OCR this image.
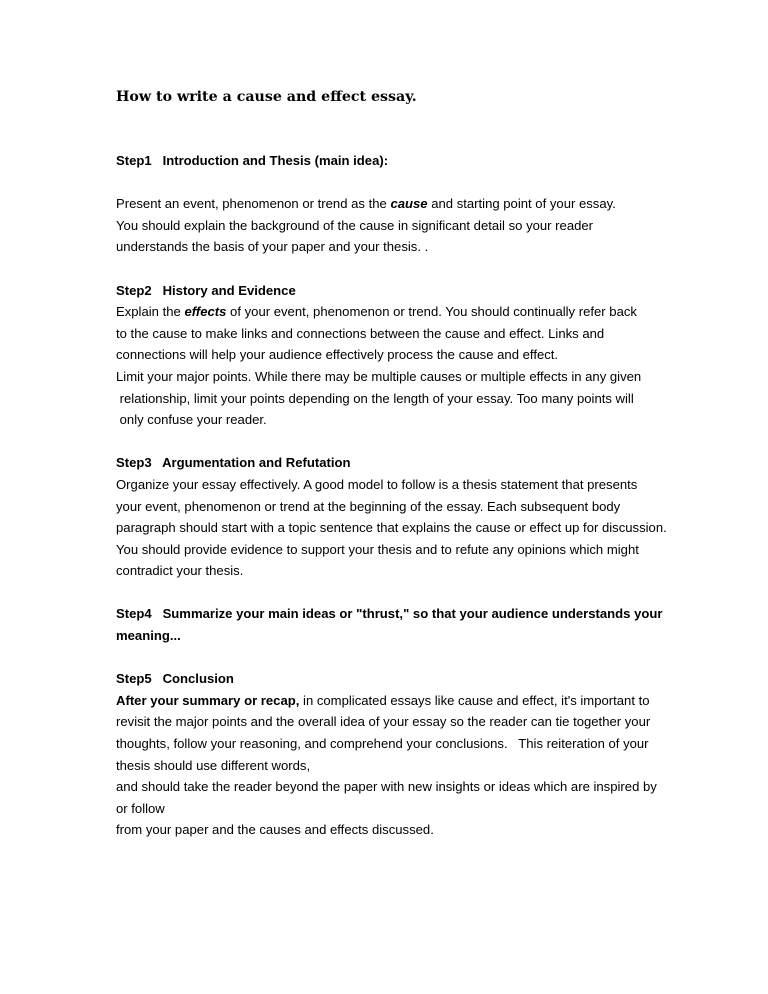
How to write a cause and effect essay.

Step1   Introduction and Thesis (main idea):

Present an event, phenomenon or trend as the cause and starting point of your essay.

You should explain the background of the cause in significant detail so your reader

understands the basis of your paper and your thesis. .

Step2   History and Evidence

Explain the effects of your event, phenomenon or trend. You should continually refer back

to the cause to make links and connections between the cause and effect. Links and

connections will help your audience effectively process the cause and effect.

Limit your major points. While there may be multiple causes or multiple effects in any given

relationship, limit your points depending on the length of your essay. Too many points will

only confuse your reader.

Step3   Argumentation and Refutation

Organize your essay effectively. A good model to follow is a thesis statement that presents

your event, phenomenon or trend at the beginning of the essay. Each subsequent body

paragraph should start with a topic sentence that explains the cause or effect up for discussion.

You should provide evidence to support your thesis and to refute any opinions which might

contradict your thesis.

Step4   Summarize your main ideas or "thrust," so that your audience understands your

meaning...

Step5   Conclusion

After your summary or recap, in complicated essays like cause and effect, it's important to

revisit the major points and the overall idea of your essay so the reader can tie together your

thoughts, follow your reasoning, and comprehend your conclusions.   This reiteration of your

thesis should use different words,

and should take the reader beyond the paper with new insights or ideas which are inspired by

or follow

from your paper and the causes and effects discussed.
